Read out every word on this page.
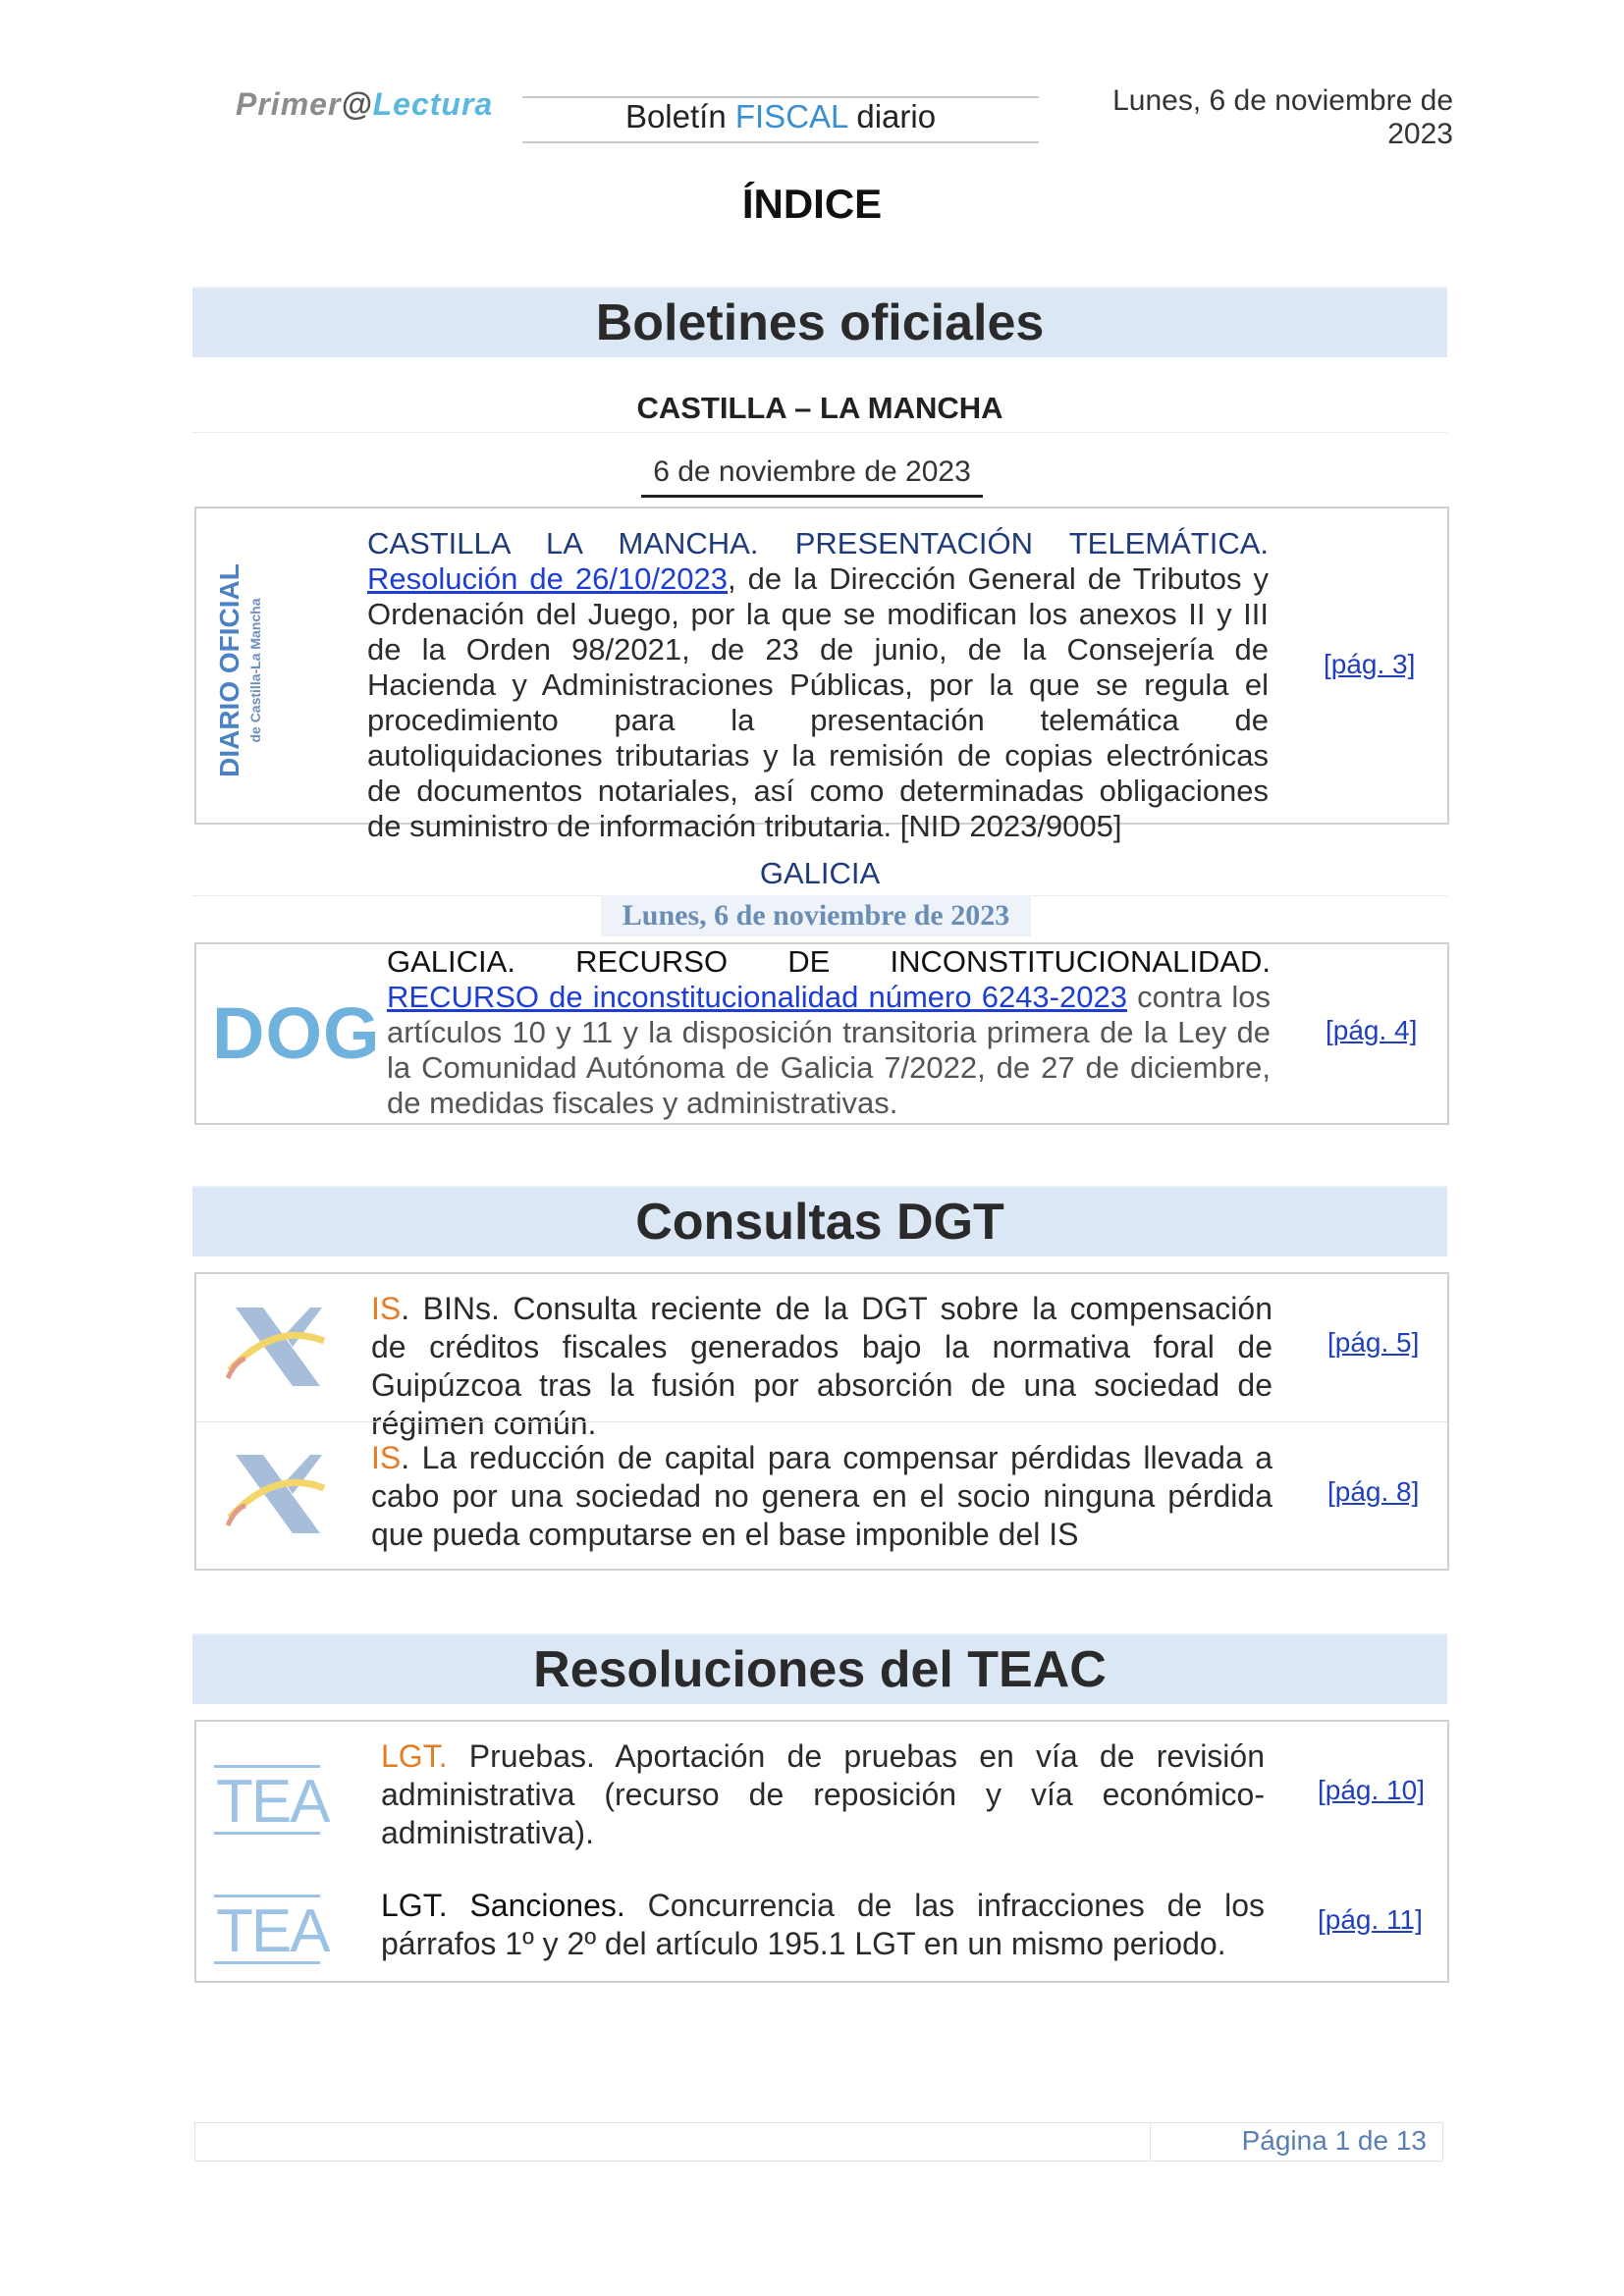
Primer@Lectura	Boletín FISCAL diario	Lunes, 6 de noviembre de 2023
ÍNDICE
Boletines oficiales
CASTILLA – LA MANCHA
6 de noviembre de 2023
DIARIO OFICIAL de Castilla-La Mancha
CASTILLA LA MANCHA. PRESENTACIÓN TELEMÁTICA. Resolución de 26/10/2023, de la Dirección General de Tributos y Ordenación del Juego, por la que se modifican los anexos II y III de la Orden 98/2021, de 23 de junio, de la Consejería de Hacienda y Administraciones Públicas, por la que se regula el procedimiento para la presentación telemática de autoliquidaciones tributarias y la remisión de copias electrónicas de documentos notariales, así como determinadas obligaciones de suministro de información tributaria. [NID 2023/9005]
[pág. 3]
GALICIA
Lunes, 6 de noviembre de 2023
DOG
GALICIA. RECURSO DE INCONSTITUCIONALIDAD. RECURSO de inconstitucionalidad número 6243-2023 contra los artículos 10 y 11 y la disposición transitoria primera de la Ley de la Comunidad Autónoma de Galicia 7/2022, de 27 de diciembre, de medidas fiscales y administrativas.
[pág. 4]
Consultas DGT
IS. BINs. Consulta reciente de la DGT sobre la compensación de créditos fiscales generados bajo la normativa foral de Guipúzcoa tras la fusión por absorción de una sociedad de régimen común.
[pág. 5]
IS. La reducción de capital para compensar pérdidas llevada a cabo por una sociedad no genera en el socio ninguna pérdida que pueda computarse en el base imponible del IS
[pág. 8]
Resoluciones del TEAC
TEA
LGT. Pruebas. Aportación de pruebas en vía de revisión administrativa (recurso de reposición y vía económico-administrativa).
[pág. 10]
TEA LGT. Sanciones. Concurrencia de las infracciones de los párrafos 1º y 2º del artículo 195.1 LGT en un mismo periodo.
[pág. 11]
Página 1 de 13
